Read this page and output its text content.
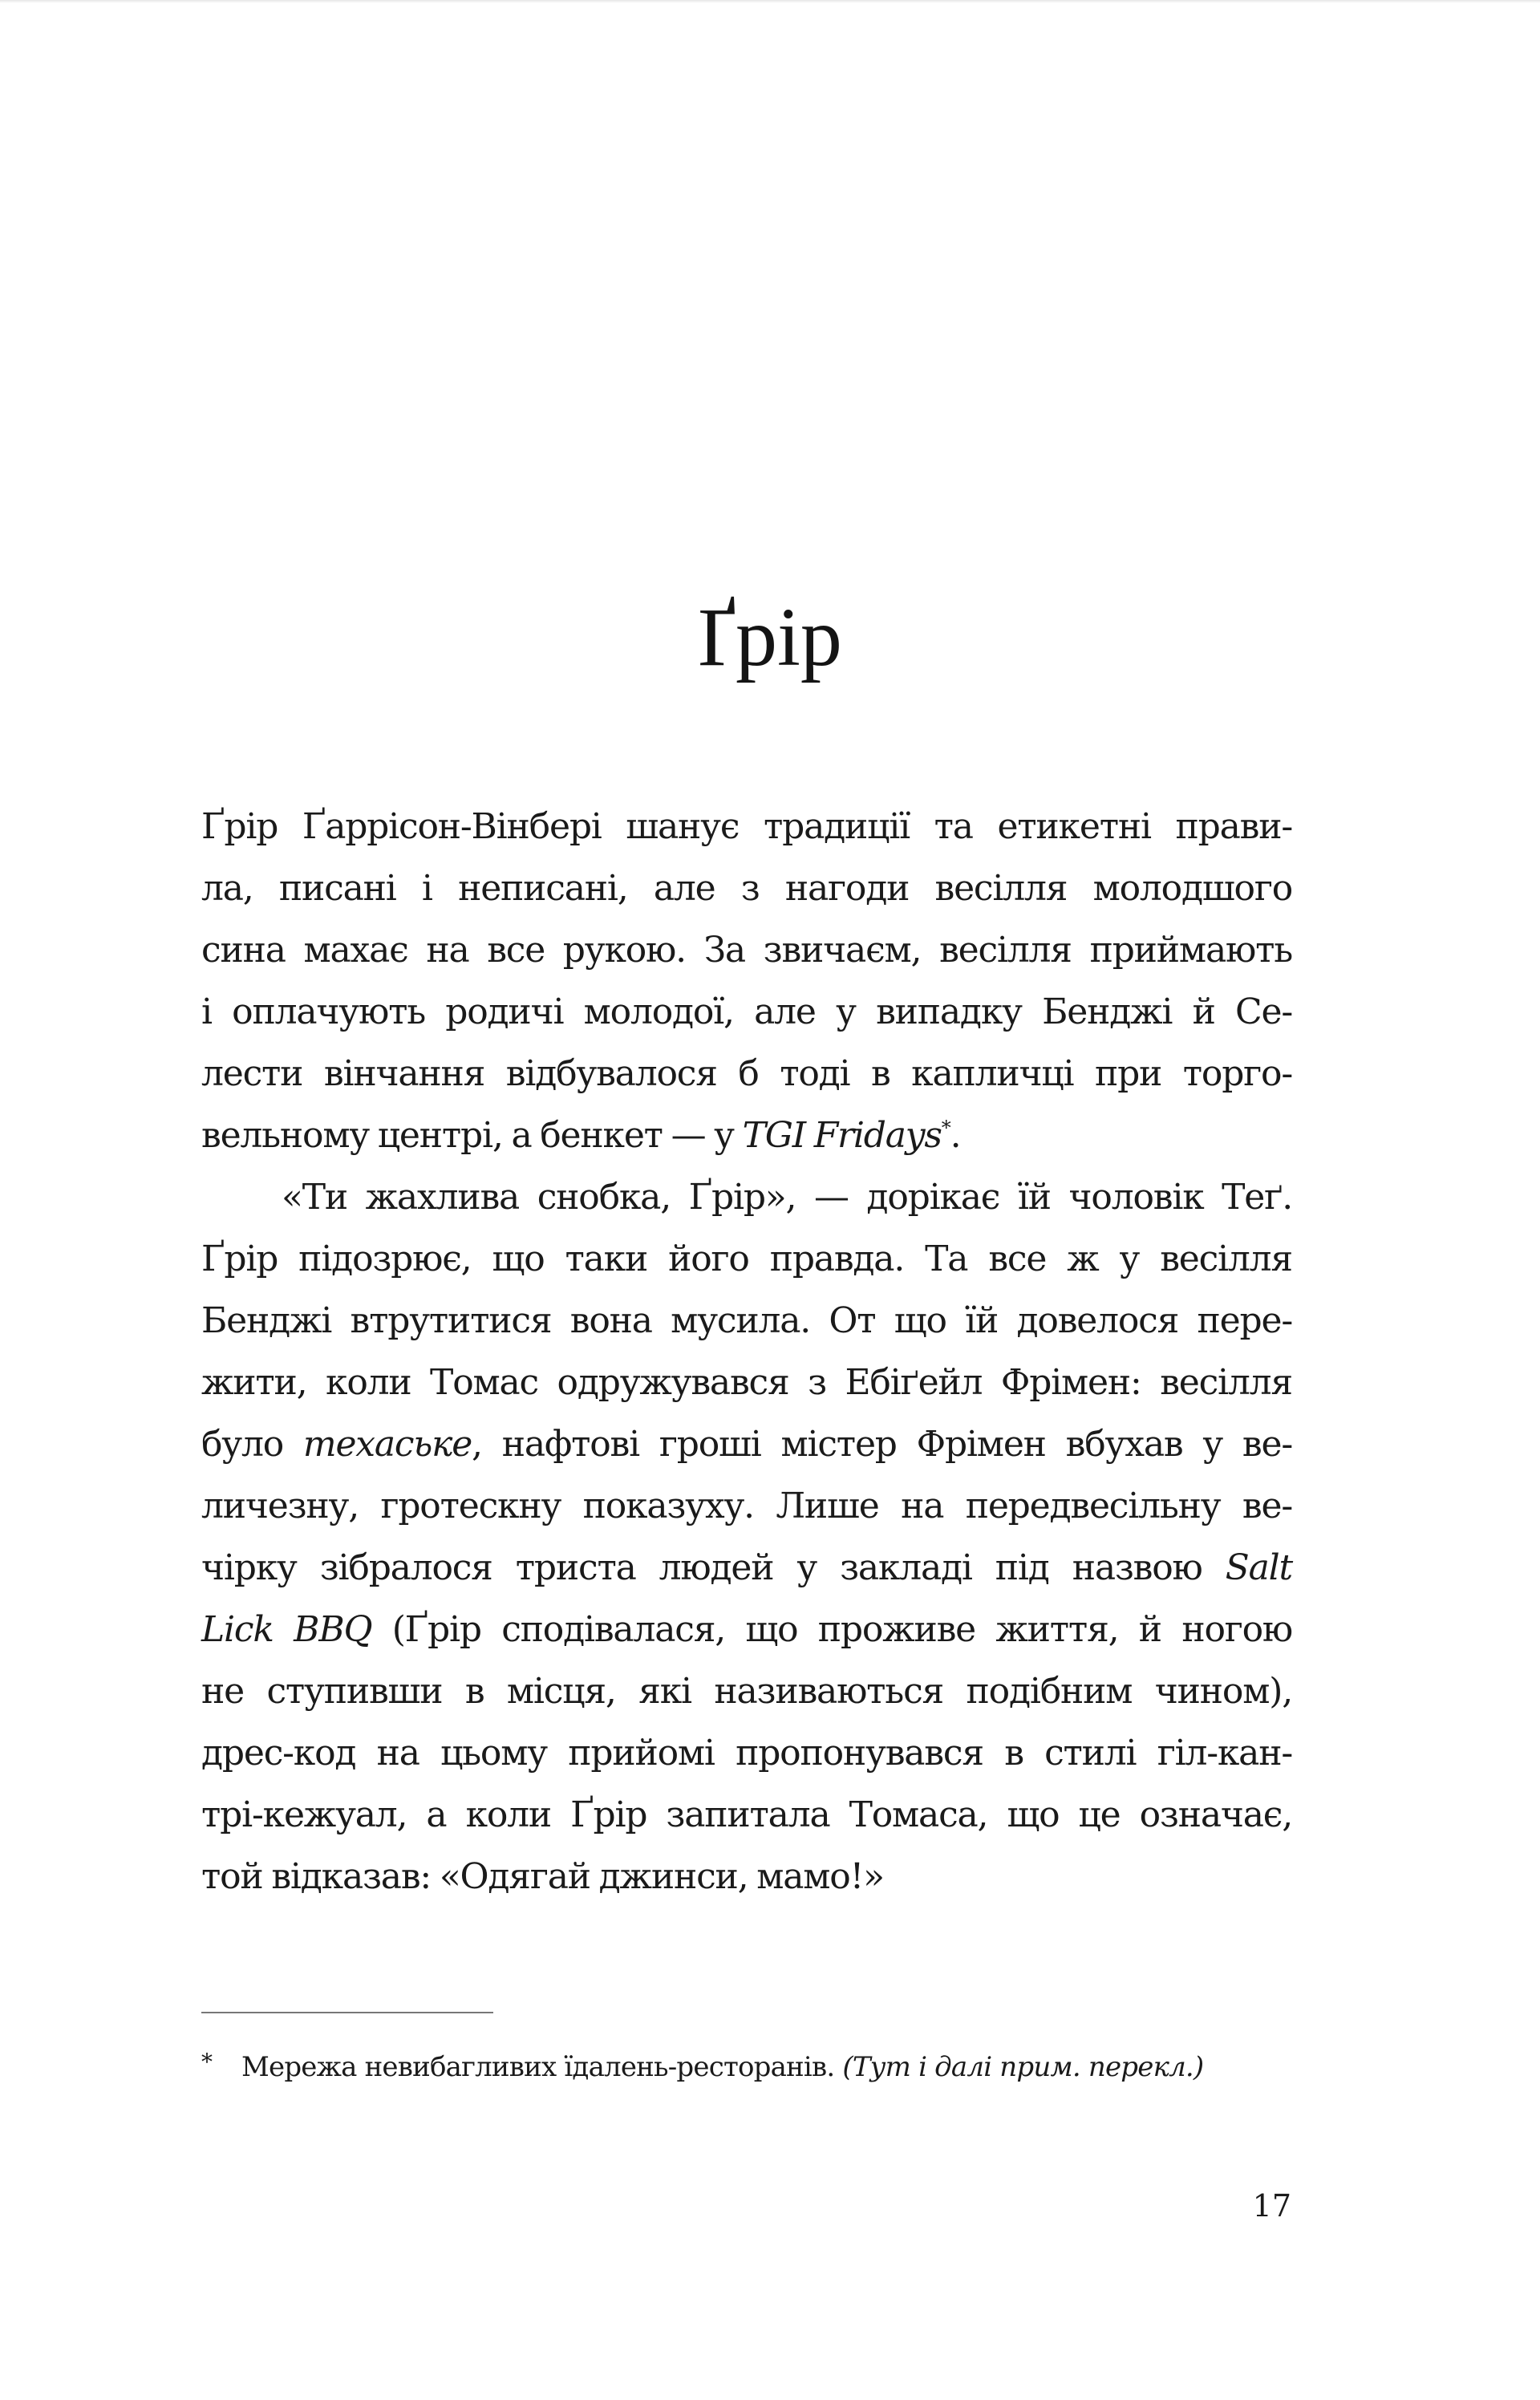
Ґрір
Ґрір Ґаррісон-Вінбері шанує традиції та етикетні прави-
ла, писані і неписані, але з нагоди весілля молодшого
сина махає на все рукою. За звичаєм, весілля приймають
і оплачують родичі молодої, але у випадку Бенджі й Се-
лести вінчання відбувалося б тоді в капличці при торго-
вельному центрі, а бенкет — у TGI Fridays*.
«Ти жахлива снобка, Ґрір», — дорікає їй чоловік Теґ.
Ґрір підозрює, що таки його правда. Та все ж у весілля
Бенджі втрутитися вона мусила. От що їй довелося пере-
жити, коли Томас одружувався з Ебіґейл Фрімен: весілля
було техаське, нафтові гроші містер Фрімен вбухав у ве-
личезну, гротескну показуху. Лише на передвесільну ве-
чірку зібралося триста людей у закладі під назвою Salt
Lick BBQ (Ґрір сподівалася, що проживе життя, й ногою
не ступивши в місця, які називаються подібним чином),
дрес-код на цьому прийомі пропонувався в стилі гіл-кан-
трі-кежуал, а коли Ґрір запитала Томаса, що це означає,
той відказав: «Одягай джинси, мамо!»
* Мережа невибагливих їдалень-ресторанів. (Тут і далі прим. перекл.)
17
